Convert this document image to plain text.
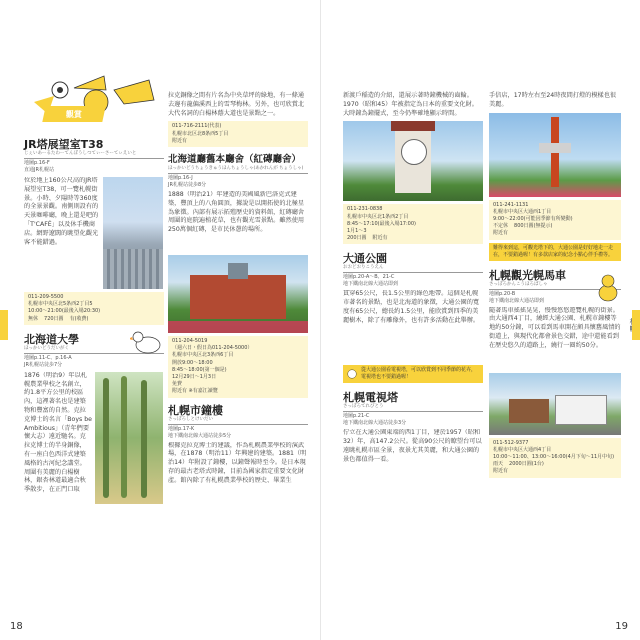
觀賞

JR塔展望室T38

じぇいあーるたわーてんぼうしつてぃーさーてぃえいと

地圖p.16-F

直通JR札幌站

位於地上160公尺高的JR塔展望室T38，可一覽札幌街景。小時、夕陽時等360度的全景景觀。南側則設有的天景咖啡廳，晚上還是吧的「T'CAFÉ」以及休手機商店。網野遼闊的眺望化觀光客不能錯過。

011-209-5500

札幌市中央区北5条西2丁目5

10:00～21:00(最後入場20:30)

無休 720日圓 有(收費)

北海道大學

ほっかいどうだいがく

地圖p.11-C、p.16-A

JR札幌站徒歩7分

1876（明治9）年以札幌農業學校之名創立，約1.8平方公里的校區內，這裡著名也是建築物和豐富的自然。克拉克博士的名言「Boys be Ambitious」（青年們要懷大志）遠近馳名。克拉克博士的半身銅像，有一座白色西洋式建築風格的古河紀念講堂。周圍有美麗的白楊樹林，銀杏林道最適合秋季散步，在正門口取

拉克銅像之間有片名為中央草坪的綠地，有一條通去邊有龍偏溪西上的雪琴梅林。另外，也可欣賞北大代名詞的白楊林蔭大道也是景點之一。

011-716-2111(代表)

札幌市北区北8条西5丁目

附近有

北海道廳舊本廳舍（紅磚廳舍）

ほっかいどうちょうきゅうほんちょうしゃ(あかれんが ちょうしゃ)

地圖p.16-J

JR札幌站徒歩8分

1888（明治21）年建造的美國風新巴洛克式建築，豐頂上的八角圓頂，據說是以開拓使的北極星為象徴。內部有展示拓殖歷史的資料館，紅磚廳舍周圍的庭院遍植花草，也有觀光雪景點。雖然使用250萬個紅磚，是市民休憩的場所。

011-204-5019

（週六日・假日為011-204-5000）

札幌市中央区北3条西6丁目

開放9:00～18:00

8:45～18:00(第一個是)

12月29日～1月3日

免費

附近有 ※有嘉江讀覽

札幌市鐘樓

さっぽろしとけいだい

地圖p.17-K

地下鐵南北線大通站徒歩5分

根據克拉克博士的建議，作為札幌農業學校的演武場，在1878（明治11）年興建的建築。1881（明治14）年附設了鐘樓，以鐘聲報時至今。是日本現存的最古老塔式時鐘，目前為國家指定重要文化財產。館內除了有札幌農業學校的歷史、畢業生

18

新渡戶稲造的介紹，還展示著時鐘機械的齒輪。1970（昭和45）年被指定為日本的重要文化財。大時鐘為鐘擺式，至今仍準確地顯示時間。

011-231-0838

札幌市中央区北1条西2丁目

8:45～17:10(最後入場17:00)

1月1～3

200日圓 附近有

大通公園

おおどおりこうえん

地圖p.20-A～B、21-C

地下鐵南北線大通站即到

貫穿65公尺，長1.5公里的綠色地帶。這個是札幌市著名的景點，也是北海道的象徴，大通公園的寬度有65公尺，總長約1.5公里，能欣賞到四季的美麗樹木，除了有雕像外，也有許多活動在此舉辦。

從大通公園看電視塔，可以欣賞到不同季節的花卉，電視塔也不要錯過喔！

札幌電視塔

さっぽろてれびとう

地圖p.21-C

地下鐵南北線大通站徒歩3分

佇立在大通公園東端的西1丁目，建於1957（昭和32）年，高147.2公尺。從高90公尺的瞭望台可以遠眺札幌市區全景，夜景尤其美麗，和大通公園的景色都值得一看。

手信店，17時左右至24時夜間打燈的模樣也很美麗。

011-241-1131

札幌市中央区大通西1丁目

9:00～22:00(可能因季節有所變動)

不定休 800日圓(無提示)

附近有

難得來到這，可觀光塔下的，大通公園是好好地走一走在，不要錯過喔！有多款店家的紀念小點心伴手禮等。

札幌觀光幌馬車

さっぽろかんこうほろばしゃ

地圖p.20-B

地下鐵南北線大通站即到

隨著馬車搖搖晃晃，慢慢悠悠遊覽札幌的街景。由大通西4丁目，繞經大通公園、札幌市鐘樓等地約50分鐘，可以看到馬車開在頗具懷舊風情的街道上，與現代化都會景色交錯，途中還能看到在歷史悠久的道路上，繞行一圈約50分。

011-512-9377

札幌市中央区大通西4丁目

10:00～11:00、13:00～16:00(4月下旬～11月中旬)

雨天 2000日圓(1台)

附近有

19
